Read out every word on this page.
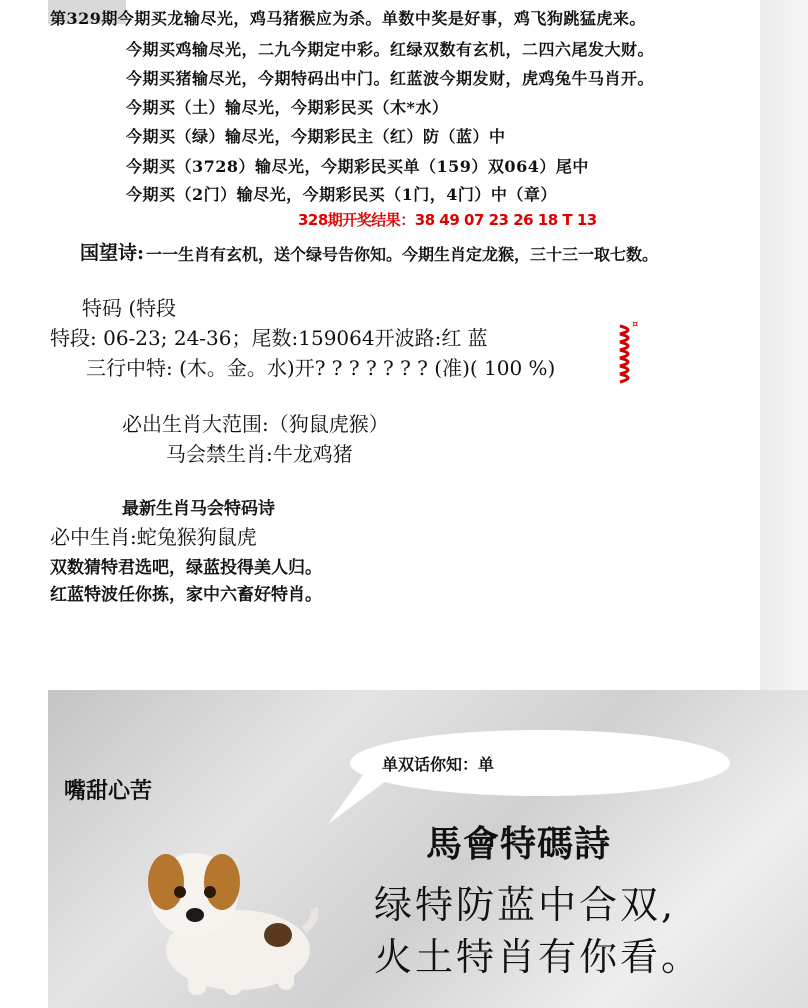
第329期今期买龙输尽光，鸡马猪猴应为杀。单数中奖是好事，鸡飞狗跳猛虎来。
今期买鸡输尽光，二九今期定中彩。红绿双数有玄机，二四六尾发大财。
今期买猪输尽光，今期特码出中门。红蓝波今期发财，虎鸡兔牛马肖开。
今期买（土）输尽光，今期彩民买（木*水）
今期买（绿）输尽光，今期彩民主（红）防（蓝）中
今期买（3728）输尽光，今期彩民买单（159）双064）尾中
今期买（2门）输尽光，今期彩民买（1门，4门）中（章）
328期开奖结果：38 49 07 23 26 18 T 13
国望诗: 一一生肖有玄机，送个绿号告你知。今期生肖定龙猴，三十三一取七数。
特码 (特段
特段: 06-23; 24-36；尾数:159064开波路:红 蓝
三行中特: (木。金。水)开? ? ? ? ? ? ? (准)( 100 %)
¤
必出生肖大范围:（狗鼠虎猴）
马会禁生肖:牛龙鸡猪
最新生肖马会特码诗
必中生肖:蛇兔猴狗鼠虎
双数猜特君选吧，绿蓝投得美人归。
红蓝特波任你拣，家中六畜好特肖。
单双话你知：单
嘴甜心苦
馬會特碼詩
绿特防蓝中合双,
火土特肖有你看。
